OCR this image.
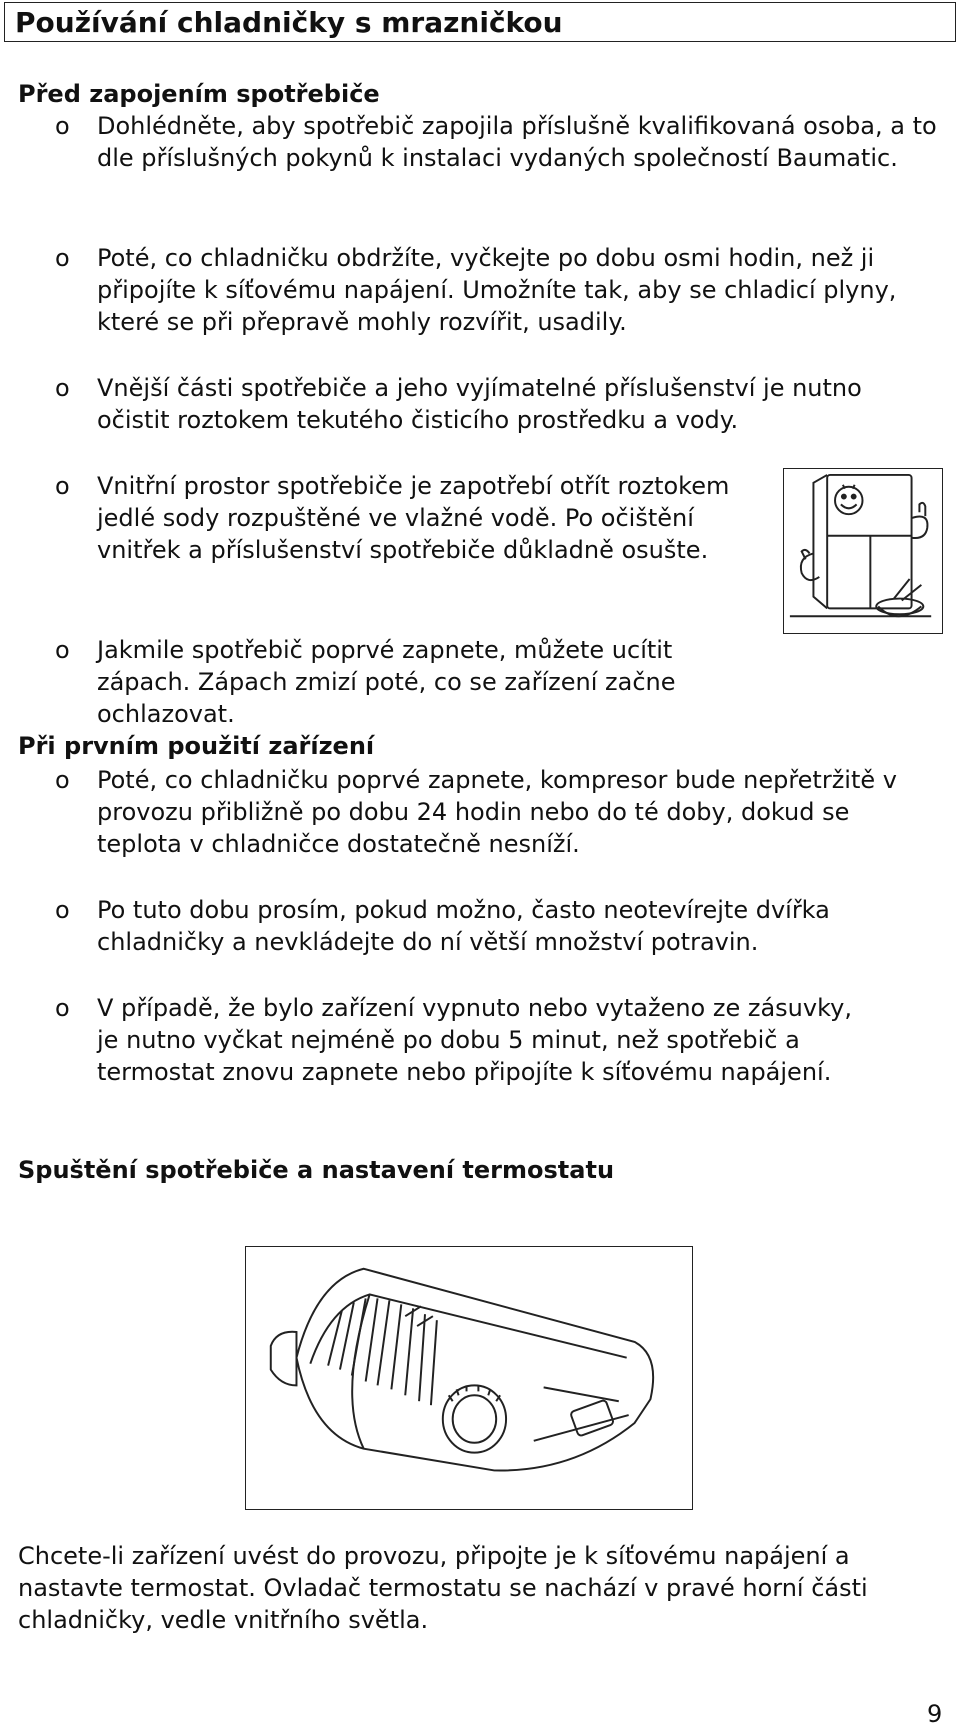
Používání chladničky s mrazničkou
Před zapojením spotřebiče
o Dohlédněte, aby spotřebič zapojila příslušně kvalifikovaná osoba, a to dle příslušných pokynů k instalaci vydaných společností Baumatic.
o Poté, co chladničku obdržíte, vyčkejte po dobu osmi hodin, než ji připojíte k síťovému napájení. Umožníte tak, aby se chladicí plyny, které se při přepravě mohly rozvířit, usadily.
o Vnější části spotřebiče a jeho vyjímatelné příslušenství je nutno očistit roztokem tekutého čisticího prostředku a vody.
o Vnitřní prostor spotřebiče je zapotřebí otřít roztokem jedlé sody rozpuštěné ve vlažné vodě. Po očištění vnitřek a příslušenství spotřebiče důkladně osušte.
o Jakmile spotřebič poprvé zapnete, můžete ucítit zápach. Zápach zmizí poté, co se zařízení začne ochlazovat.
Při prvním použití zařízení
o Poté, co chladničku poprvé zapnete, kompresor bude nepřetržitě v provozu přibližně po dobu 24 hodin nebo do té doby, dokud se teplota v chladničce dostatečně nesníží.
o Po tuto dobu prosím, pokud možno, často neotevírejte dvířka chladničky a nevkládejte do ní větší množství potravin.
o V případě, že bylo zařízení vypnuto nebo vytaženo ze zásuvky, je nutno vyčkat nejméně po dobu 5 minut, než spotřebič a termostat znovu zapnete nebo připojíte k síťovému napájení.
Spuštění spotřebiče a nastavení termostatu

Chcete-li zařízení uvést do provozu, připojte je k síťovému napájení a nastavte termostat. Ovladač termostatu se nachází v pravé horní části chladničky, vedle vnitřního světla.

9
